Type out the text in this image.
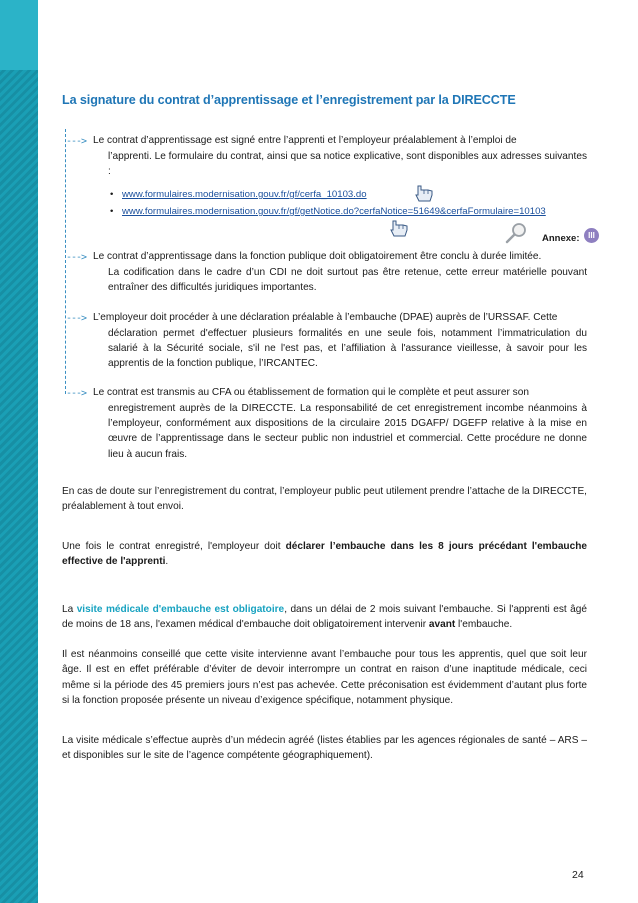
La signature du contrat d’apprentissage et l’enregistrement par la DIRECCTE
---> Le contrat d’apprentissage est signé entre l’apprenti et l’employeur préalablement à l’emploi de
l’apprenti. Le formulaire du contrat, ainsi que sa notice explicative, sont disponibles aux adresses suivantes :
• www.formulaires.modernisation.gouv.fr/gf/cerfa_10103.do
• www.formulaires.modernisation.gouv.fr/gf/getNotice.do?cerfaNotice=51649&cerfaFormulaire=10103
Annexe:	III
---> Le contrat d’apprentissage dans la fonction publique doit obligatoirement être conclu à durée limitée.
La codification dans le cadre d’un CDI ne doit surtout pas être retenue, cette erreur matérielle pouvant entraîner des difficultés juridiques importantes.
---> L’employeur doit procéder à une déclaration préalable à l’embauche (DPAE) auprès de l’URSSAF. Cette
déclaration permet d'effectuer plusieurs formalités en une seule fois, notamment l’immatriculation du salarié à la Sécurité sociale, s'il ne l'est pas, et l’affiliation à l'assurance vieillesse, à savoir pour les apprentis de la fonction publique, l’IRCANTEC.
---> Le contrat est transmis au CFA ou établissement de formation qui le complète et peut assurer son
enregistrement auprès de la DIRECCTE. La responsabilité de cet enregistrement incombe néanmoins à l’employeur, conformément aux dispositions de la circulaire 2015 DGAFP/ DGEFP relative à la mise en œuvre de l’apprentissage dans le secteur public non industriel et commercial. Cette procédure ne donne lieu à aucun frais.
En cas de doute sur l’enregistrement du contrat, l’employeur public peut utilement prendre l’attache de la DIRECCTE, préalablement à tout envoi.
Une fois le contrat enregistré, l'employeur doit déclarer l’embauche dans les 8 jours précédant l'embauche effective de l'apprenti.
La visite médicale d'embauche est obligatoire, dans un délai de 2 mois suivant l'embauche. Si l'apprenti est âgé de moins de 18 ans, l'examen médical d'embauche doit obligatoirement intervenir avant l'embauche.
Il est néanmoins conseillé que cette visite intervienne avant l’embauche pour tous les apprentis, quel que soit leur âge. Il est en effet préférable d’éviter de devoir interrompre un contrat en raison d’une inaptitude médicale, ceci même si la période des 45 premiers jours n’est pas achevée. Cette préconisation est évidemment d’autant plus forte si la fonction proposée présente un niveau d’exigence spécifique, notamment physique.
La visite médicale s’effectue auprès d’un médecin agréé (listes établies par les agences régionales de santé – ARS – et disponibles sur le site de l’agence compétente géographiquement).
24
